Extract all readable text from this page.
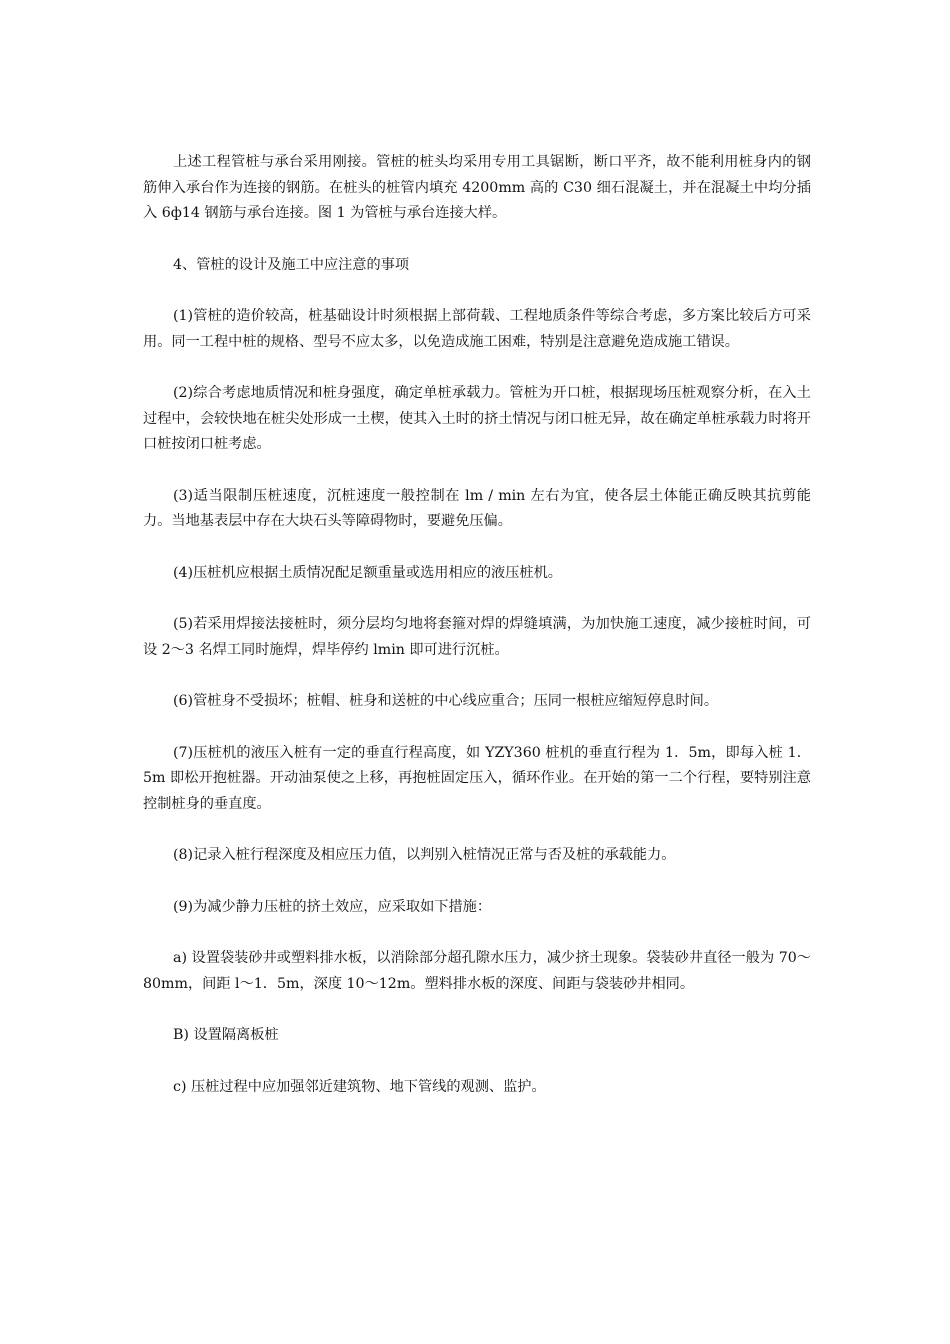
上述工程管桩与承台采用刚接。管桩的桩头均采用专用工具锯断，断口平齐，故不能利用桩身内的钢筋伸入承台作为连接的钢筋。在桩头的桩管内填充 4200mm 高的 C30 细石混凝土，并在混凝土中均分插入 6ф14 钢筋与承台连接。图 1 为管桩与承台连接大样。

4、管桩的设计及施工中应注意的事项

(1)管桩的造价较高，桩基础设计时须根据上部荷载、工程地质条件等综合考虑，多方案比较后方可采用。同一工程中桩的规格、型号不应太多，以免造成施工困难，特别是注意避免造成施工错误。

(2)综合考虑地质情况和桩身强度，确定单桩承载力。管桩为开口桩，根据现场压桩观察分析，在入土过程中，会较快地在桩尖处形成一土楔，使其入土时的挤土情况与闭口桩无异，故在确定单桩承载力时将开口桩按闭口桩考虑。

(3)适当限制压桩速度，沉桩速度一般控制在 lm / min 左右为宜，使各层土体能正确反映其抗剪能力。当地基表层中存在大块石头等障碍物时，要避免压偏。

(4)压桩机应根据土质情况配足额重量或选用相应的液压桩机。

(5)若采用焊接法接桩时，须分层均匀地将套箍对焊的焊缝填满，为加快施工速度，减少接桩时间，可设 2～3 名焊工同时施焊，焊毕停约 lmin 即可进行沉桩。

(6)管桩身不受损坏；桩帽、桩身和送桩的中心线应重合；压同一根桩应缩短停息时间。

(7)压桩机的液压入桩有一定的垂直行程高度，如 YZY360 桩机的垂直行程为 1．5m，即每入桩 1．5m 即松开抱桩器。开动油泵使之上移，再抱桩固定压入，循环作业。在开始的第一二个行程，要特别注意控制桩身的垂直度。

(8)记录入桩行程深度及相应压力值，以判别入桩情况正常与否及桩的承载能力。

(9)为减少静力压桩的挤土效应，应采取如下措施：

a) 设置袋装砂井或塑料排水板，以消除部分超孔隙水压力，减少挤土现象。袋装砂井直径一般为 70～80mm，间距 l～1．5m，深度 10～12m。塑料排水板的深度、间距与袋装砂井相同。

B) 设置隔离板桩

c) 压桩过程中应加强邻近建筑物、地下管线的观测、监护。
